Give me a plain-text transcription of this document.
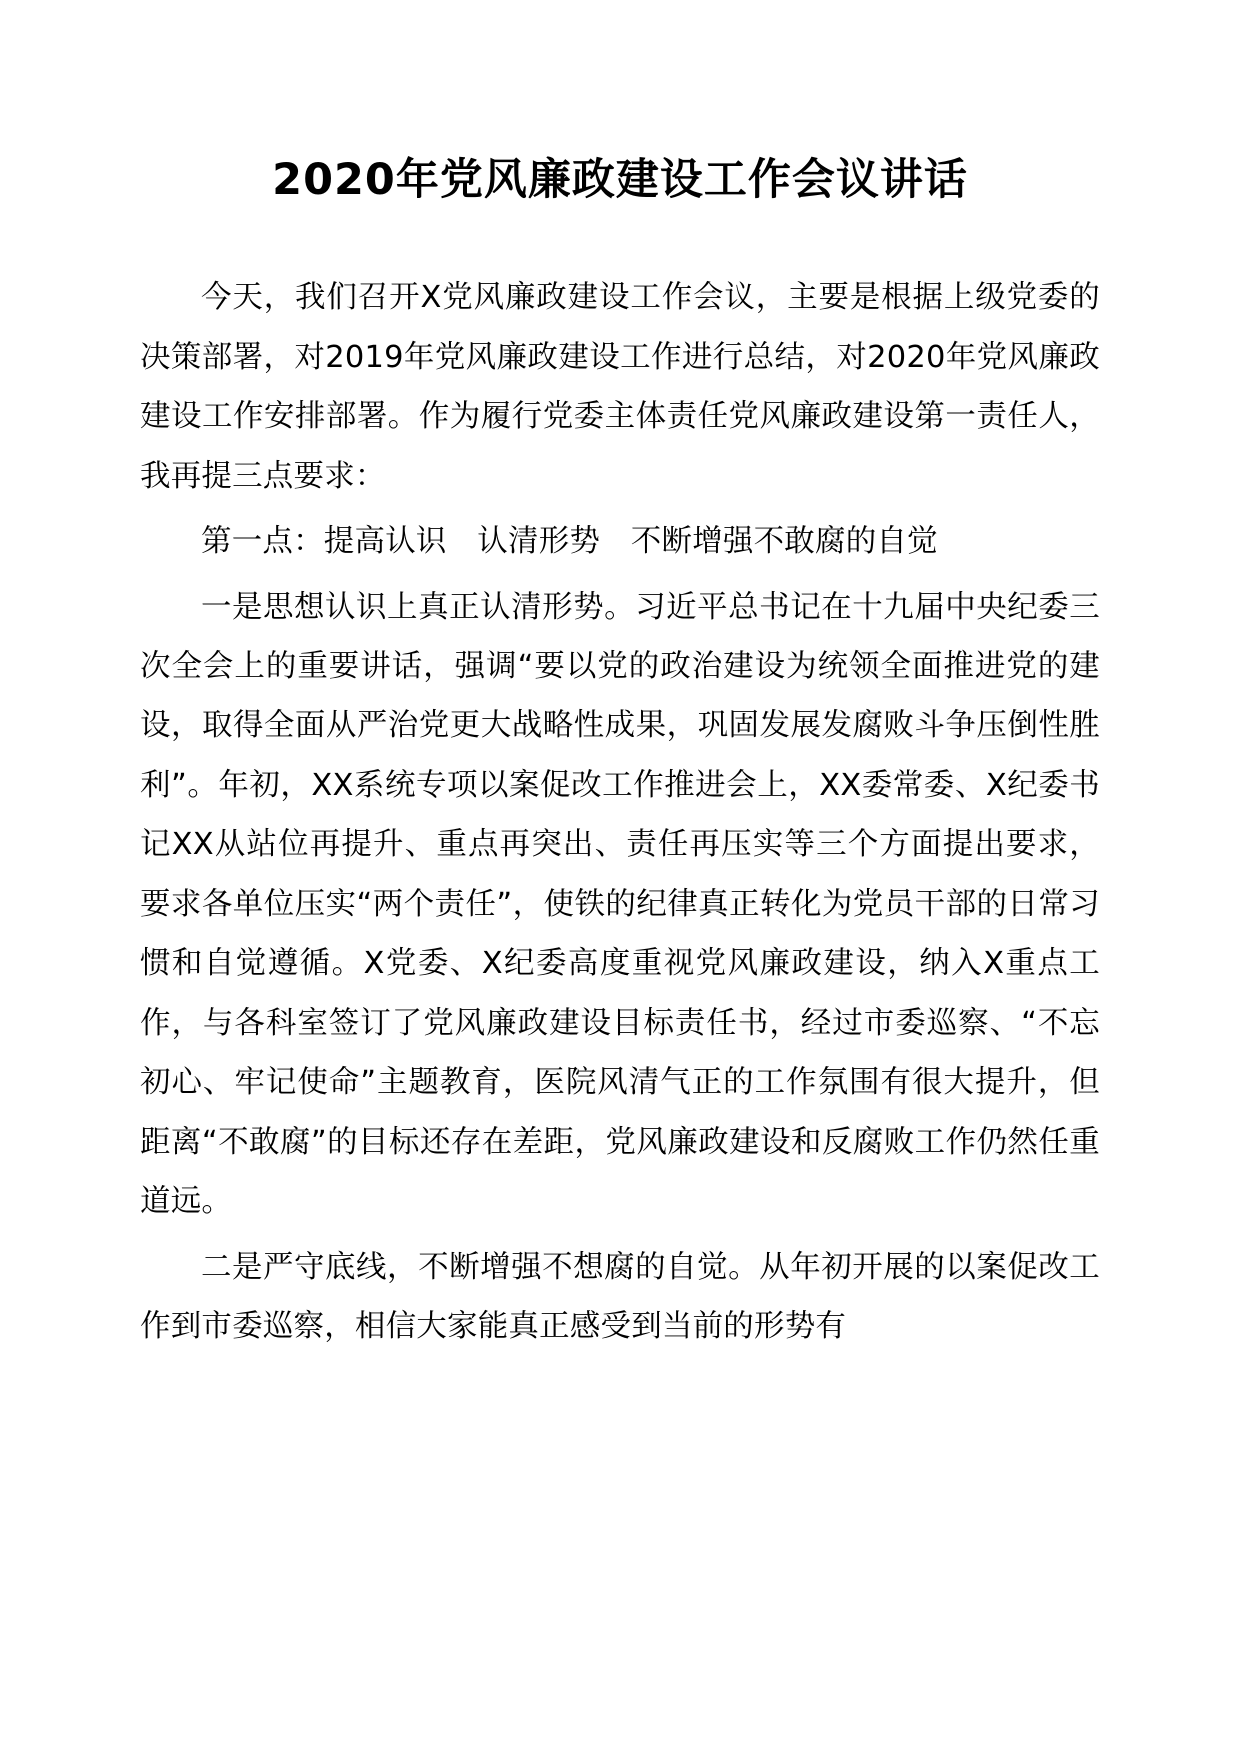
2020年党风廉政建设工作会议讲话

今天，我们召开X党风廉政建设工作会议，主要是根据上级党委的决策部署，对2019年党风廉政建设工作进行总结，对2020年党风廉政建设工作安排部署。作为履行党委主体责任党风廉政建设第一责任人，我再提三点要求：

第一点：提高认识　认清形势　不断增强不敢腐的自觉

一是思想认识上真正认清形势。习近平总书记在十九届中央纪委三次全会上的重要讲话，强调“要以党的政治建设为统领全面推进党的建设，取得全面从严治党更大战略性成果，巩固发展发腐败斗争压倒性胜利”。年初，XX系统专项以案促改工作推进会上，XX委常委、X纪委书记XX从站位再提升、重点再突出、责任再压实等三个方面提出要求，要求各单位压实“两个责任”，使铁的纪律真正转化为党员干部的日常习惯和自觉遵循。X党委、X纪委高度重视党风廉政建设，纳入X重点工作，与各科室签订了党风廉政建设目标责任书，经过市委巡察、“不忘初心、牢记使命”主题教育，医院风清气正的工作氛围有很大提升，但距离“不敢腐”的目标还存在差距，党风廉政建设和反腐败工作仍然任重道远。

二是严守底线，不断增强不想腐的自觉。从年初开展的以案促改工作到市委巡察，相信大家能真正感受到当前的形势有
